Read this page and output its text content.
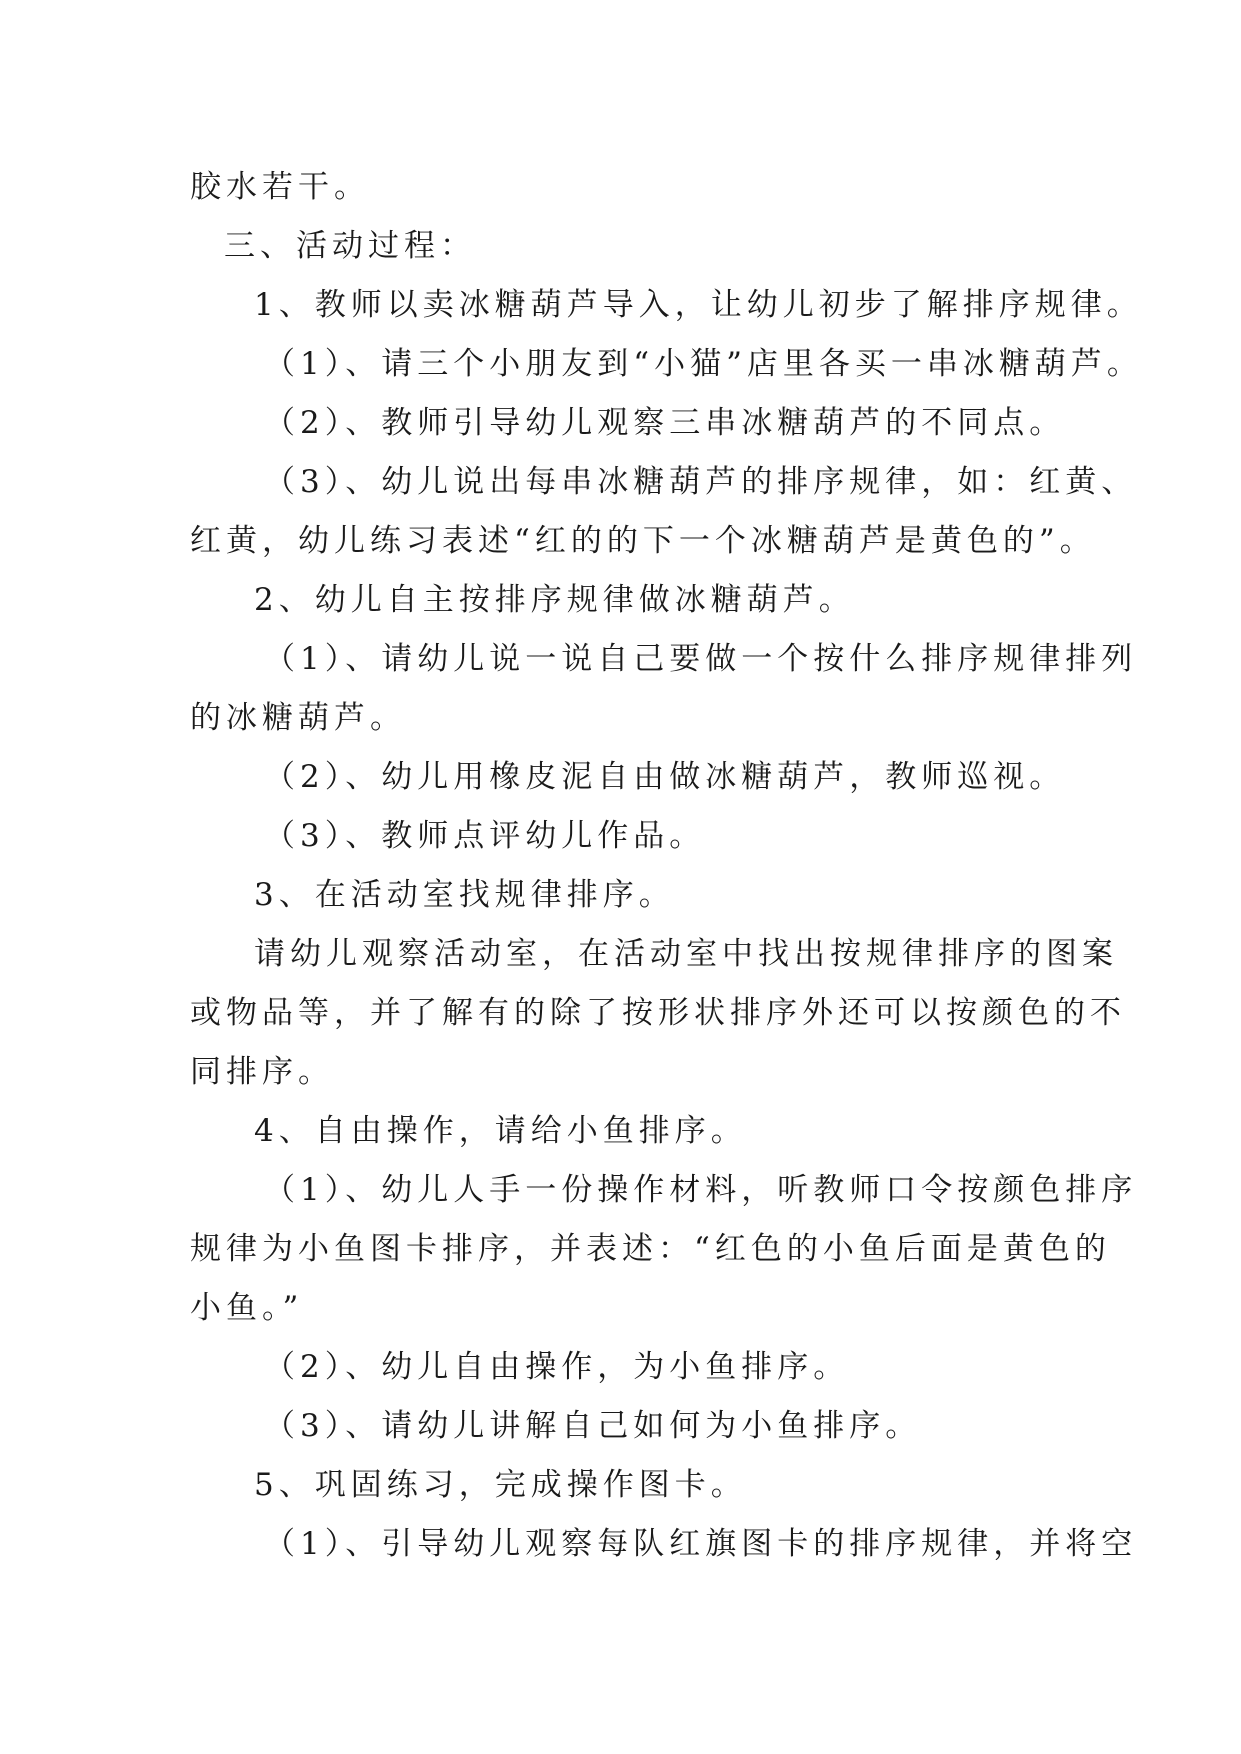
胶水若干。
三、活动过程：
1、教师以卖冰糖葫芦导入，让幼儿初步了解排序规律。
（1）、请三个小朋友到“小猫”店里各买一串冰糖葫芦。
（2）、教师引导幼儿观察三串冰糖葫芦的不同点。
（3）、幼儿说出每串冰糖葫芦的排序规律，如：红黄、
红黄，幼儿练习表述“红的的下一个冰糖葫芦是黄色的”。
2、幼儿自主按排序规律做冰糖葫芦。
（1）、请幼儿说一说自己要做一个按什么排序规律排列
的冰糖葫芦。
（2）、幼儿用橡皮泥自由做冰糖葫芦，教师巡视。
（3）、教师点评幼儿作品。
3、在活动室找规律排序。
请幼儿观察活动室，在活动室中找出按规律排序的图案
或物品等，并了解有的除了按形状排序外还可以按颜色的不
同排序。
4、自由操作，请给小鱼排序。
（1）、幼儿人手一份操作材料，听教师口令按颜色排序
规律为小鱼图卡排序，并表述：“红色的小鱼后面是黄色的
小鱼。”
（2）、幼儿自由操作，为小鱼排序。
（3）、请幼儿讲解自己如何为小鱼排序。
5、巩固练习，完成操作图卡。
（1）、引导幼儿观察每队红旗图卡的排序规律，并将空
